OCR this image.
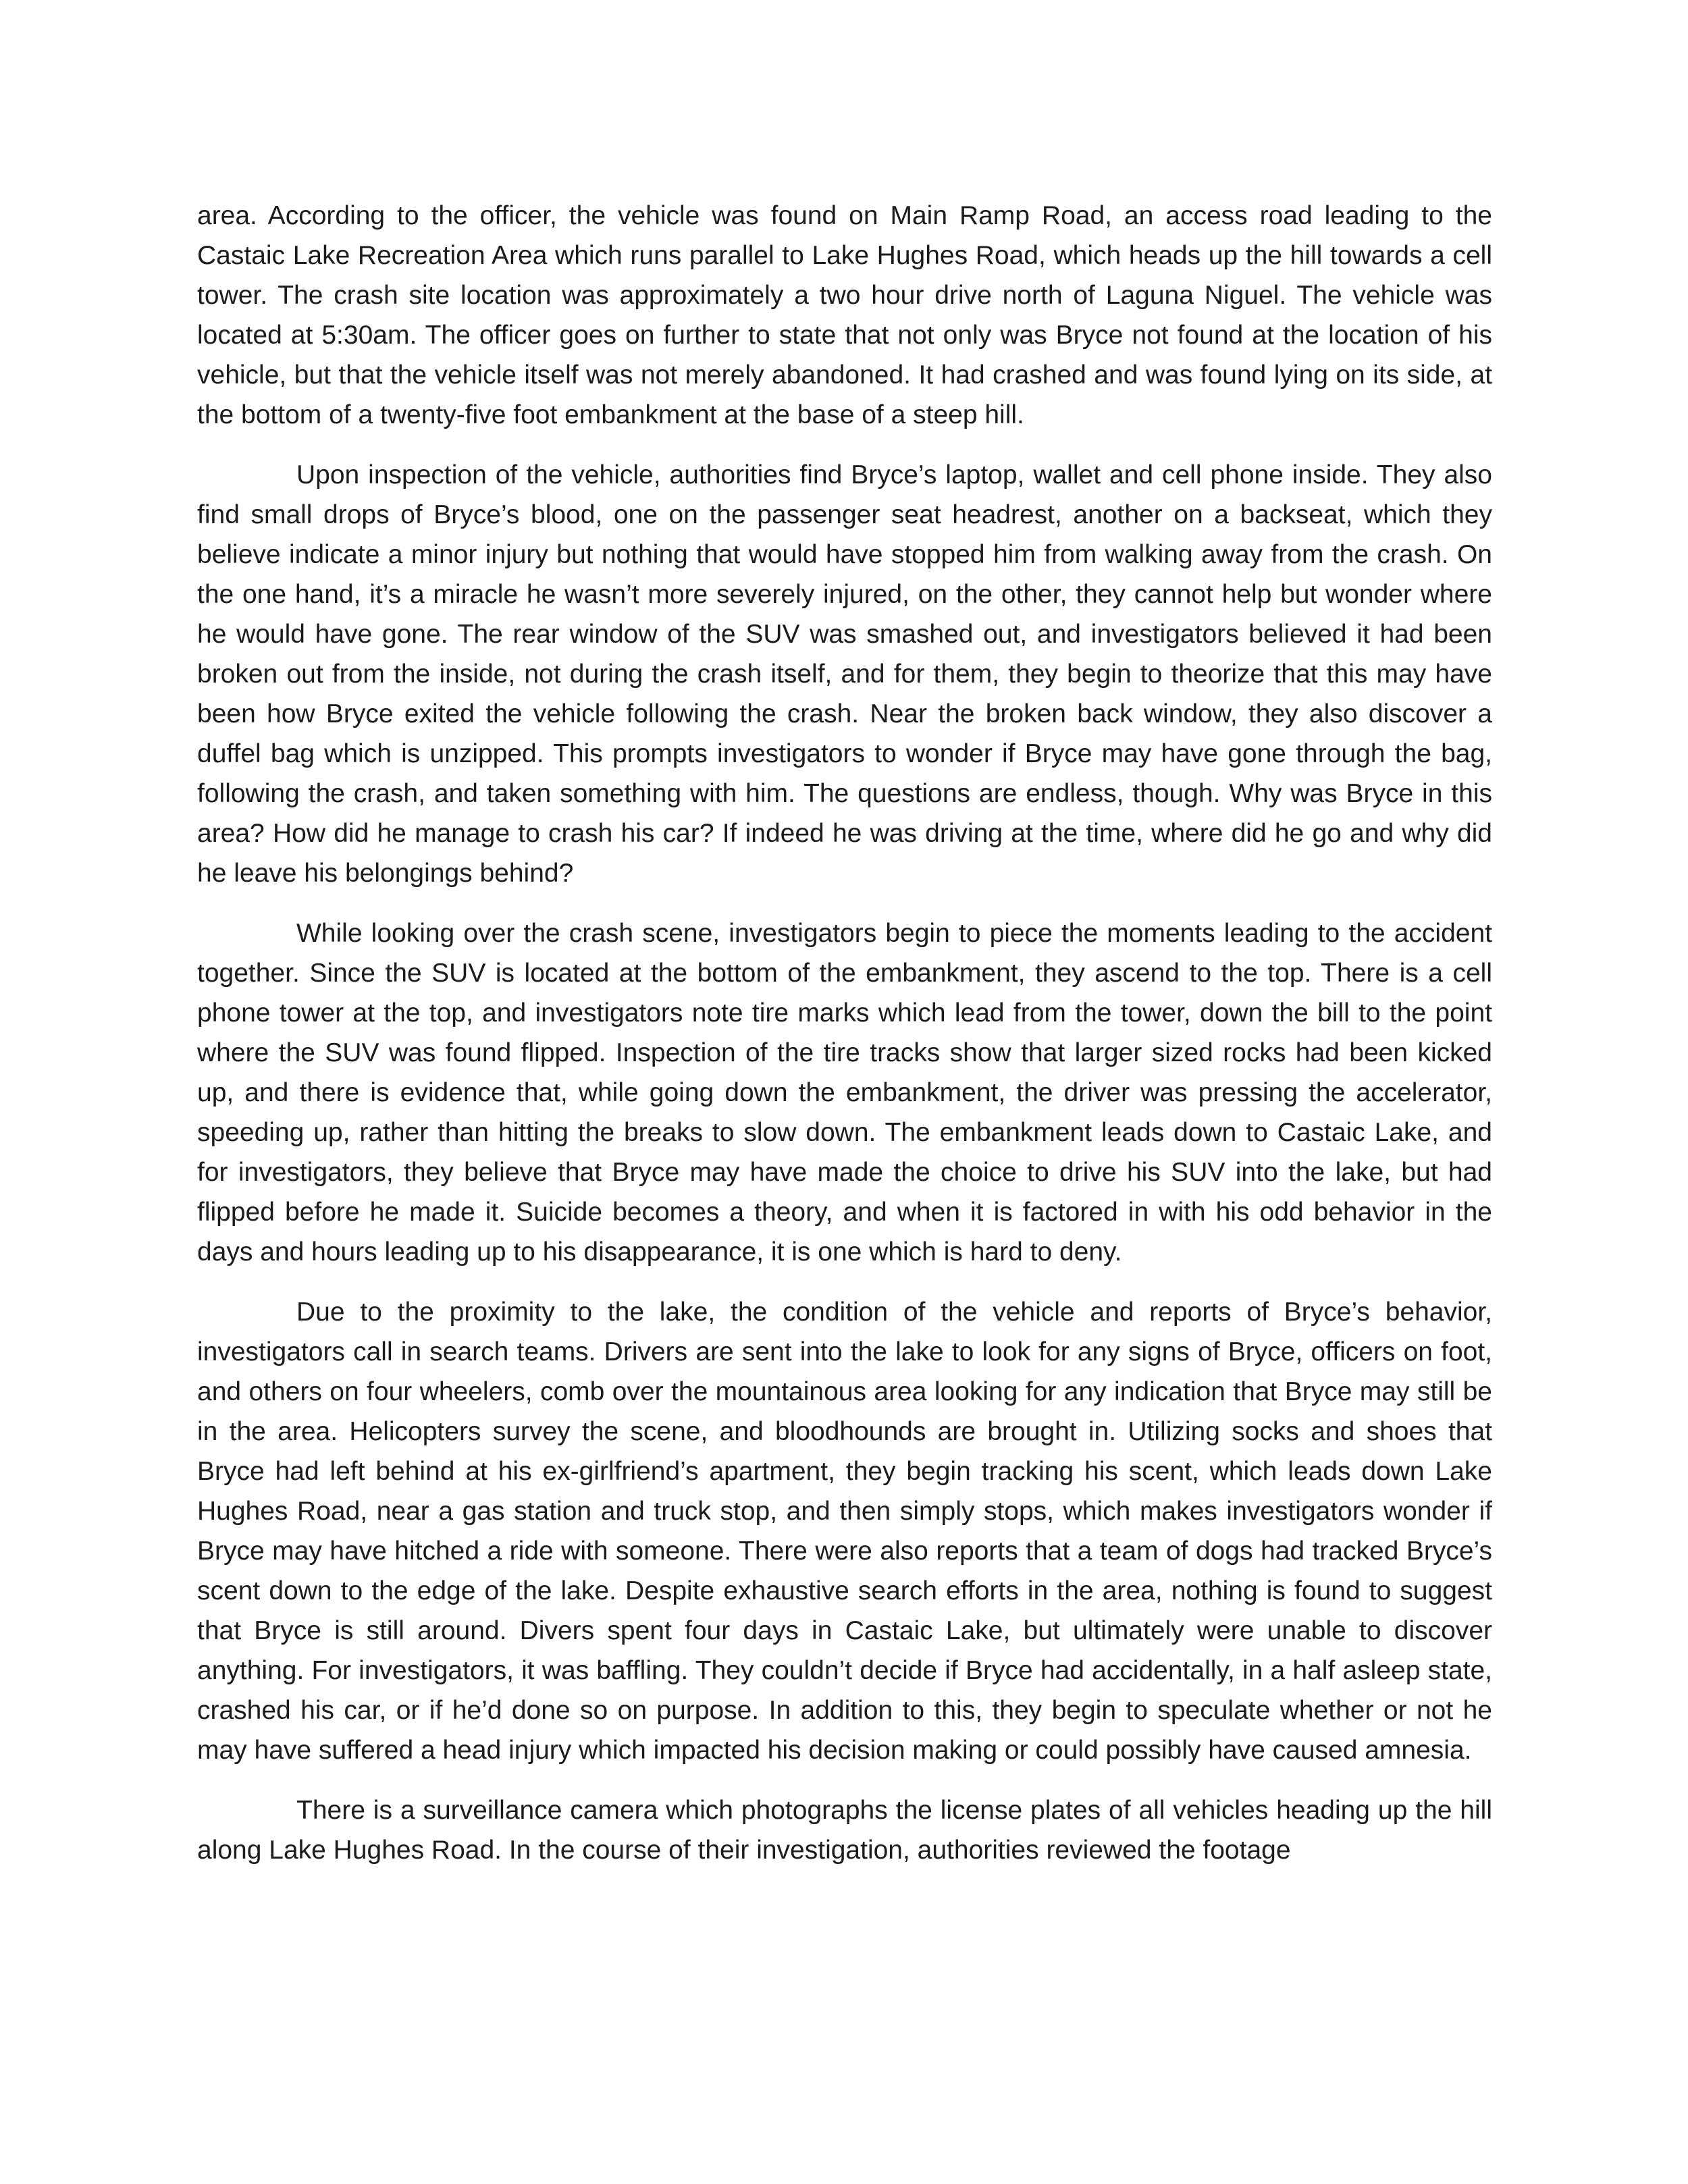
area. According to the officer, the vehicle was found on Main Ramp Road, an access road leading to the Castaic Lake Recreation Area which runs parallel to Lake Hughes Road, which heads up the hill towards a cell tower. The crash site location was approximately a two hour drive north of Laguna Niguel. The vehicle was located at 5:30am. The officer goes on further to state that not only was Bryce not found at the location of his vehicle, but that the vehicle itself was not merely abandoned. It had crashed and was found lying on its side, at the bottom of a twenty-five foot embankment at the base of a steep hill.

Upon inspection of the vehicle, authorities find Bryce’s laptop, wallet and cell phone inside. They also find small drops of Bryce’s blood, one on the passenger seat headrest, another on a backseat, which they believe indicate a minor injury but nothing that would have stopped him from walking away from the crash. On the one hand, it’s a miracle he wasn’t more severely injured, on the other, they cannot help but wonder where he would have gone. The rear window of the SUV was smashed out, and investigators believed it had been broken out from the inside, not during the crash itself, and for them, they begin to theorize that this may have been how Bryce exited the vehicle following the crash. Near the broken back window, they also discover a duffel bag which is unzipped. This prompts investigators to wonder if Bryce may have gone through the bag, following the crash, and taken something with him. The questions are endless, though. Why was Bryce in this area? How did he manage to crash his car? If indeed he was driving at the time, where did he go and why did he leave his belongings behind?

While looking over the crash scene, investigators begin to piece the moments leading to the accident together. Since the SUV is located at the bottom of the embankment, they ascend to the top. There is a cell phone tower at the top, and investigators note tire marks which lead from the tower, down the bill to the point where the SUV was found flipped. Inspection of the tire tracks show that larger sized rocks had been kicked up, and there is evidence that, while going down the embankment, the driver was pressing the accelerator, speeding up, rather than hitting the breaks to slow down. The embankment leads down to Castaic Lake, and for investigators, they believe that Bryce may have made the choice to drive his SUV into the lake, but had flipped before he made it. Suicide becomes a theory, and when it is factored in with his odd behavior in the days and hours leading up to his disappearance, it is one which is hard to deny.

Due to the proximity to the lake, the condition of the vehicle and reports of Bryce’s behavior, investigators call in search teams. Drivers are sent into the lake to look for any signs of Bryce, officers on foot, and others on four wheelers, comb over the mountainous area looking for any indication that Bryce may still be in the area. Helicopters survey the scene, and bloodhounds are brought in. Utilizing socks and shoes that Bryce had left behind at his ex-girlfriend’s apartment, they begin tracking his scent, which leads down Lake Hughes Road, near a gas station and truck stop, and then simply stops, which makes investigators wonder if Bryce may have hitched a ride with someone. There were also reports that a team of dogs had tracked Bryce’s scent down to the edge of the lake. Despite exhaustive search efforts in the area, nothing is found to suggest that Bryce is still around. Divers spent four days in Castaic Lake, but ultimately were unable to discover anything. For investigators, it was baffling. They couldn’t decide if Bryce had accidentally, in a half asleep state, crashed his car, or if he’d done so on purpose. In addition to this, they begin to speculate whether or not he may have suffered a head injury which impacted his decision making or could possibly have caused amnesia.

There is a surveillance camera which photographs the license plates of all vehicles heading up the hill along Lake Hughes Road. In the course of their investigation, authorities reviewed the footage
